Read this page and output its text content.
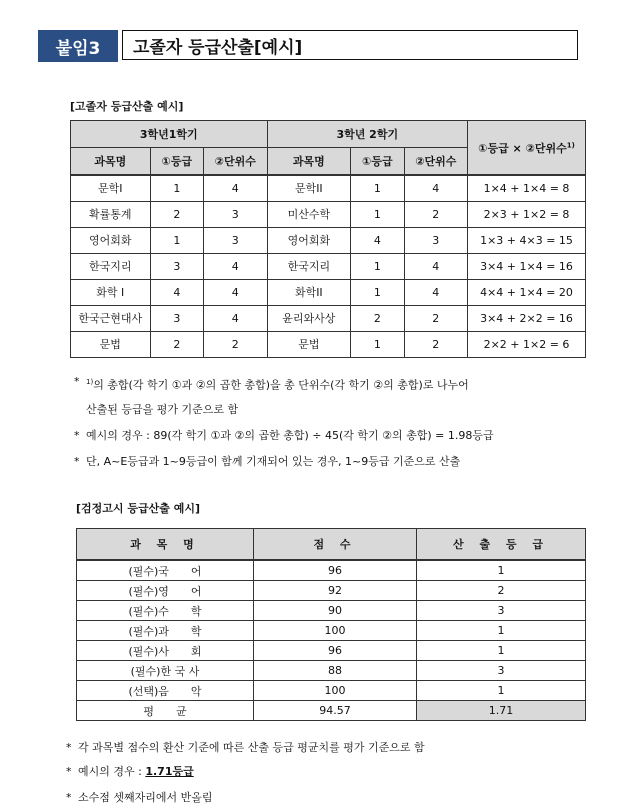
붙임3	고졸자 등급산출[예시]
[고졸자 등급산출 예시]
3학년1학기			3학년 2학기			①등급 × ②단위수$^{1)}$
과목명	①등급	②단위수	과목명	①등급	②단위수	
문학I	1	4	문학II	1	4	1×4 + 1×4 = 8
확률통계	2	3	미산수학	1	2	2×3 + 1×2 = 8
영어회화	1	3	영어회화	4	3	1×3 + 4×3 = 15
한국지리	3	4	한국지리	1	4	3×4 + 1×4 = 16
화학 I	4	4	화학II	1	4	4×4 + 1×4 = 20
한국근현대사	3	4	윤리와사상	2	2	3×4 + 2×2 = 16
문법	2	2	문법	1	2	2×2 + 1×2 = 6

* $^{1)}$의 총합(각 학기 ①과 ②의 곱한 총합)을 총 단위수(각 학기 ②의 총합)로 나누어

산출된 등급을 평가 기준으로 함

* 예시의 경우 : 89(각 학기 ①과 ②의 곱한 총합) ÷ 45(각 학기 ②의 총합) = 1.98등급

* 단, A~E등급과 1~9등급이 함께 기재되어 있는 경우, 1~9등급 기준으로 산출

[검정고시 등급산출 예시]
과 목 명	점 수	산 출 등 급
(필수)국　　어	96	1
(필수)영　　어	92	2
(필수)수　　학	90	3
(필수)과　　학	100	1
(필수)사　　회	96	1
(필수)한 국 사	88	3
(선택)음　　악	100	1
평　　균	94.57	1.71

* 각 과목별 점수의 환산 기준에 따른 산출 등급 평균치를 평가 기준으로 함

* 예시의 경우 : 1.71등급

* 소수점 셋째자리에서 반올림
